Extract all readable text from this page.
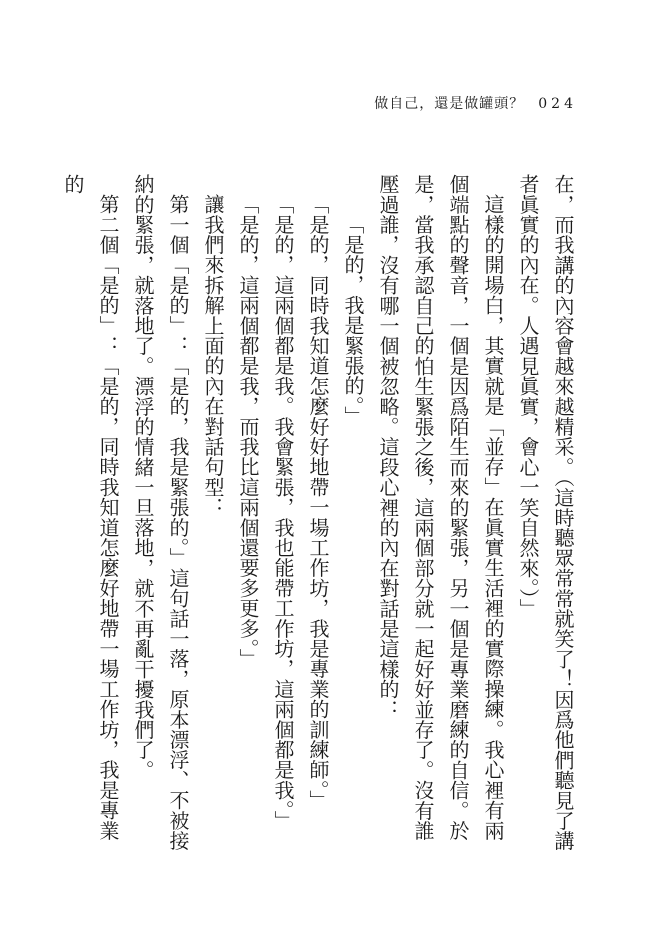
做自己，還是做罐頭？ 024

在，而我講的內容會越來越精采。（這時聽眾常常就笑了！因爲他們聽見了講者眞實的內在。人遇見眞實，會心一笑自然來。）」

這樣的開場白，其實就是「並存」在眞實生活裡的實際操練。我心裡有兩個端點的聲音，一個是因爲陌生而來的緊張，另一個是專業磨練的自信。於是，當我承認自己的怕生緊張之後，這兩個部分就一起好好並存了。沒有誰壓過誰，沒有哪一個被忽略。這段心裡的內在對話是這樣的：

「是的，我是緊張的。」

「是的，同時我知道怎麼好好地帶一場工作坊，我是專業的訓練師。」

「是的，這兩個都是我。我會緊張，我也能帶工作坊，這兩個都是我。」

「是的，這兩個都是我，而我比這兩個還要多更多。」

讓我們來拆解上面的內在對話句型：

第一個「是的」：「是的，我是緊張的。」這句話一落，原本漂浮、不被接納的緊張，就落地了。漂浮的情緒一旦落地，就不再亂干擾我們了。

第二個「是的」：「是的，同時我知道怎麼好地帶一場工作坊，我是專業的
